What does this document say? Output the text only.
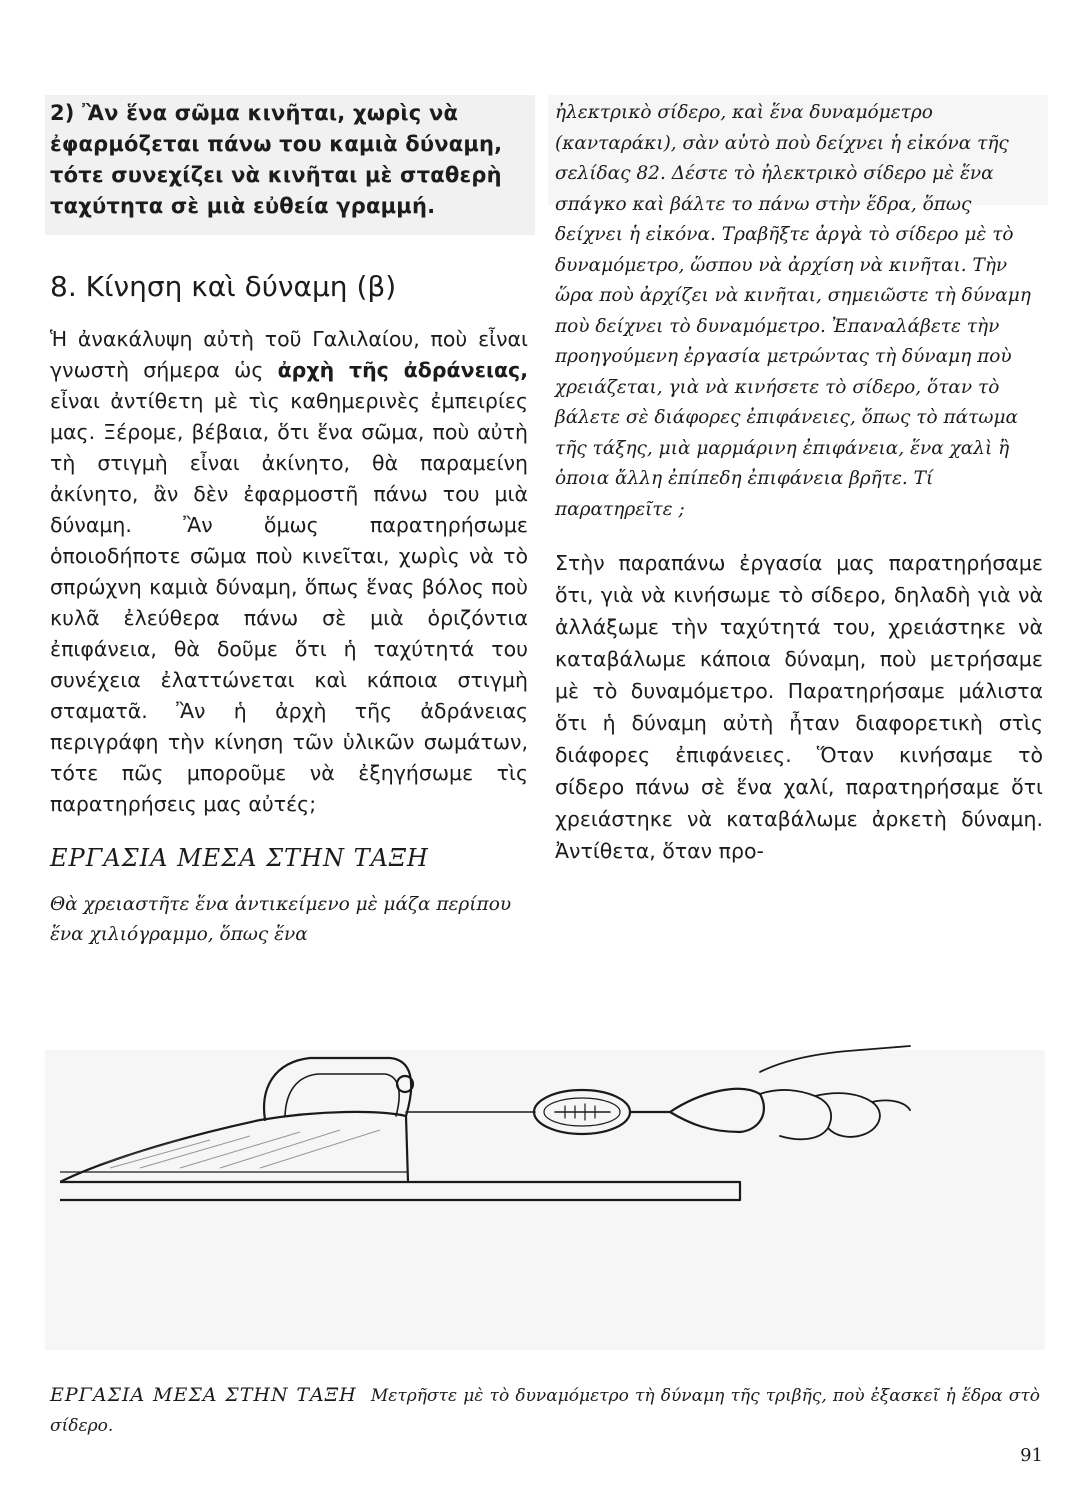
2) Ἂν ἕνα σῶμα κινῆται, χωρὶς νὰ ἐφαρμόζεται πάνω του καμιὰ δύναμη, τότε συνεχίζει νὰ κινῆται μὲ σταθερὴ ταχύτητα σὲ μιὰ εὐθεία γραμμή.

8. Κίνηση καὶ δύναμη (β)

Ἡ ἀνακάλυψη αὐτὴ τοῦ Γαλιλαίου, ποὺ εἶναι γνωστὴ σήμερα ὡς ἀρχὴ τῆς ἀδράνειας, εἶναι ἀντίθετη μὲ τὶς καθημερινὲς ἐμπειρίες μας. Ξέρομε, βέβαια, ὅτι ἕνα σῶμα, ποὺ αὐτὴ τὴ στιγμὴ εἶναι ἀκίνητο, θὰ παραμείνη ἀκίνητο, ἂν δὲν ἐφαρμοστῆ πάνω του μιὰ δύναμη. Ἂν ὅμως παρατηρήσωμε ὁποιοδήποτε σῶμα ποὺ κινεῖται, χωρὶς νὰ τὸ σπρώχνη καμιὰ δύναμη, ὅπως ἕνας βόλος ποὺ κυλᾶ ἐλεύθερα πάνω σὲ μιὰ ὁριζόντια ἐπιφάνεια, θὰ δοῦμε ὅτι ἡ ταχύτητά του συνέχεια ἐλαττώνεται καὶ κάποια στιγμὴ σταματᾶ. Ἂν ἡ ἀρχὴ τῆς ἀδράνειας περιγράφη τὴν κίνηση τῶν ὑλικῶν σωμάτων, τότε πῶς μποροῦμε νὰ ἐξηγήσωμε τὶς παρατηρήσεις μας αὐτές;

ΕΡΓΑΣΙΑ ΜΕΣΑ ΣΤΗΝ ΤΑΞΗ

Θὰ χρειαστῆτε ἕνα ἀντικείμενο μὲ μάζα περίπου ἕνα χιλιόγραμμο, ὅπως ἕνα

ἠλεκτρικὸ σίδερο, καὶ ἕνα δυναμόμετρο (κανταράκι), σὰν αὐτὸ ποὺ δείχνει ἡ εἰκόνα τῆς σελίδας 82. Δέστε τὸ ἠλεκτρικὸ σίδερο μὲ ἕνα σπάγκο καὶ βάλτε το πάνω στὴν ἕδρα, ὅπως δείχνει ἡ εἰκόνα. Τραβῆξτε ἀργὰ τὸ σίδερο μὲ τὸ δυναμόμετρο, ὥσπου νὰ ἀρχίση νὰ κινῆται. Τὴν ὥρα ποὺ ἀρχίζει νὰ κινῆται, σημειῶστε τὴ δύναμη ποὺ δείχνει τὸ δυναμόμετρο. Ἐπαναλάβετε τὴν προηγούμενη ἐργασία μετρώντας τὴ δύναμη ποὺ χρειάζεται, γιὰ νὰ κινήσετε τὸ σίδερο, ὅταν τὸ βάλετε σὲ διάφορες ἐπιφάνειες, ὅπως τὸ πάτωμα τῆς τάξης, μιὰ μαρμάρινη ἐπιφάνεια, ἕνα χαλὶ ἢ ὁποια ἄλλη ἐπίπεδη ἐπιφάνεια βρῆτε. Τί παρατηρεῖτε ;

Στὴν παραπάνω ἐργασία μας παρατηρήσαμε ὅτι, γιὰ νὰ κινήσωμε τὸ σίδερο, δηλαδὴ γιὰ νὰ ἀλλάξωμε τὴν ταχύτητά του, χρειάστηκε νὰ καταβάλωμε κάποια δύναμη, ποὺ μετρήσαμε μὲ τὸ δυναμόμετρο. Παρατηρήσαμε μάλιστα ὅτι ἡ δύναμη αὐτὴ ἦταν διαφορετικὴ στὶς διάφορες ἐπιφάνειες. Ὅταν κινήσαμε τὸ σίδερο πάνω σὲ ἕνα χαλί, παρατηρήσαμε ὅτι χρειάστηκε νὰ καταβάλωμε ἀρκετὴ δύναμη. Ἀντίθετα, ὅταν προ-

ΕΡΓΑΣΙΑ ΜΕΣΑ ΣΤΗΝ ΤΑΞΗ Μετρῆστε μὲ τὸ δυναμόμετρο τὴ δύναμη τῆς τριβῆς, ποὺ ἐξασκεῖ ἡ ἕδρα στὸ σίδερο.
91
